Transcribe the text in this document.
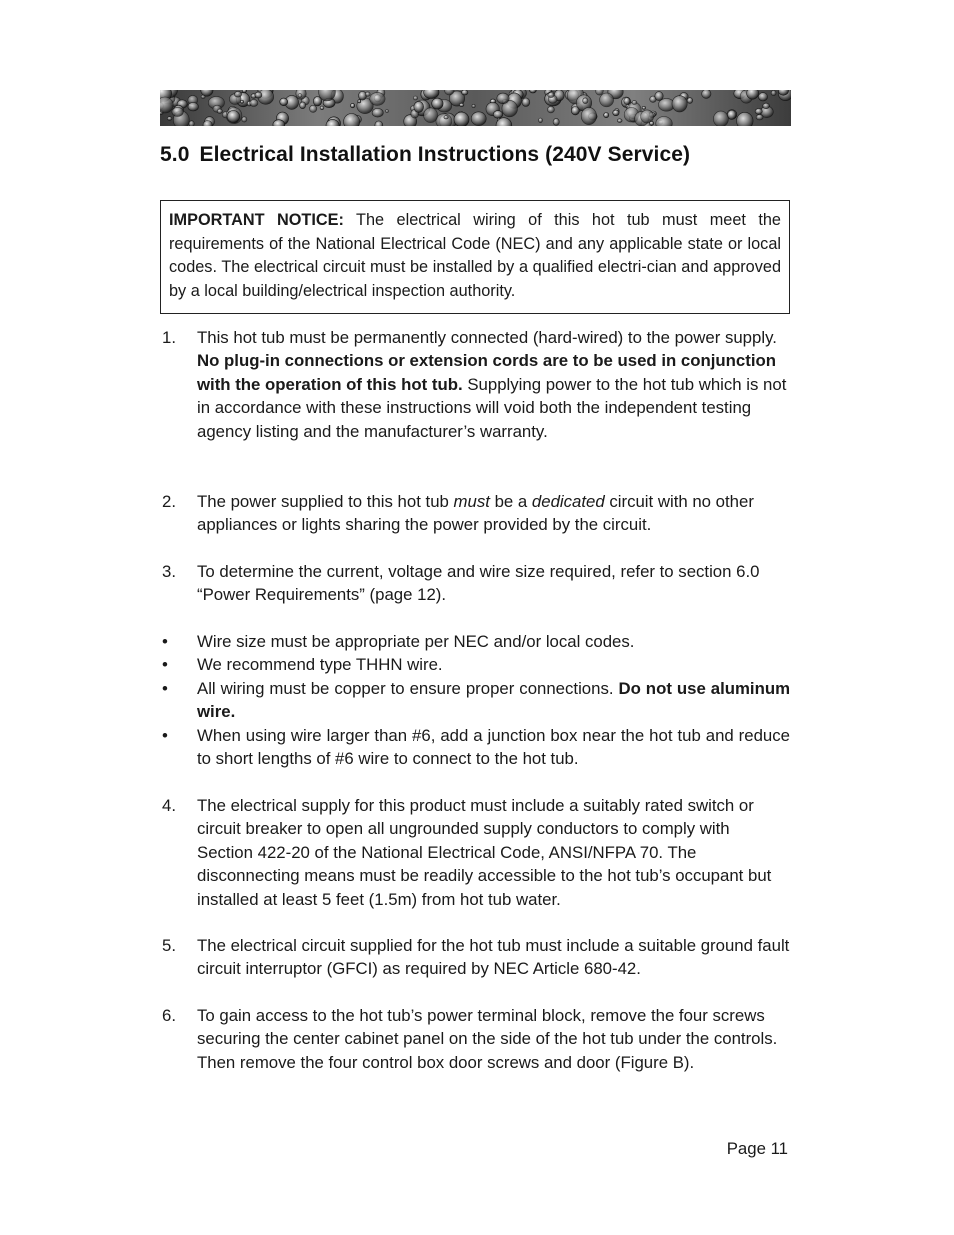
5.0 Electrical Installation Instructions (240V Service)
IMPORTANT NOTICE: The electrical wiring of this hot tub must meet the requirements of the National Electrical Code (NEC) and any applicable state or local codes. The electrical circuit must be installed by a qualified electri-cian and approved by a local building/electrical inspection authority.
1. This hot tub must be permanently connected (hard-wired) to the power supply. No plug-in connections or extension cords are to be used in conjunction with the operation of this hot tub. Supplying power to the hot tub which is not in accordance with these instructions will void both the independent testing agency listing and the manufacturer’s warranty.
2. The power supplied to this hot tub must be a dedicated circuit with no other appliances or lights sharing the power provided by the circuit.
3. To determine the current, voltage and wire size required, refer to section 6.0 “Power Requirements” (page 12).
• Wire size must be appropriate per NEC and/or local codes.
• We recommend type THHN wire.
• All wiring must be copper to ensure proper connections. Do not use aluminum wire.
• When using wire larger than #6, add a junction box near the hot tub and reduce to short lengths of #6 wire to connect to the hot tub.
4. The electrical supply for this product must include a suitably rated switch or circuit breaker to open all ungrounded supply conductors to comply with Section 422-20 of the National Electrical Code, ANSI/NFPA 70. The disconnecting means must be readily accessible to the hot tub’s occupant but installed at least 5 feet (1.5m) from hot tub water.
5. The electrical circuit supplied for the hot tub must include a suitable ground fault circuit interruptor (GFCI) as required by NEC Article 680-42.
6. To gain access to the hot tub’s power terminal block, remove the four screws securing the center cabinet panel on the side of the hot tub under the controls. Then remove the four control box door screws and door (Figure B).
Page 11
